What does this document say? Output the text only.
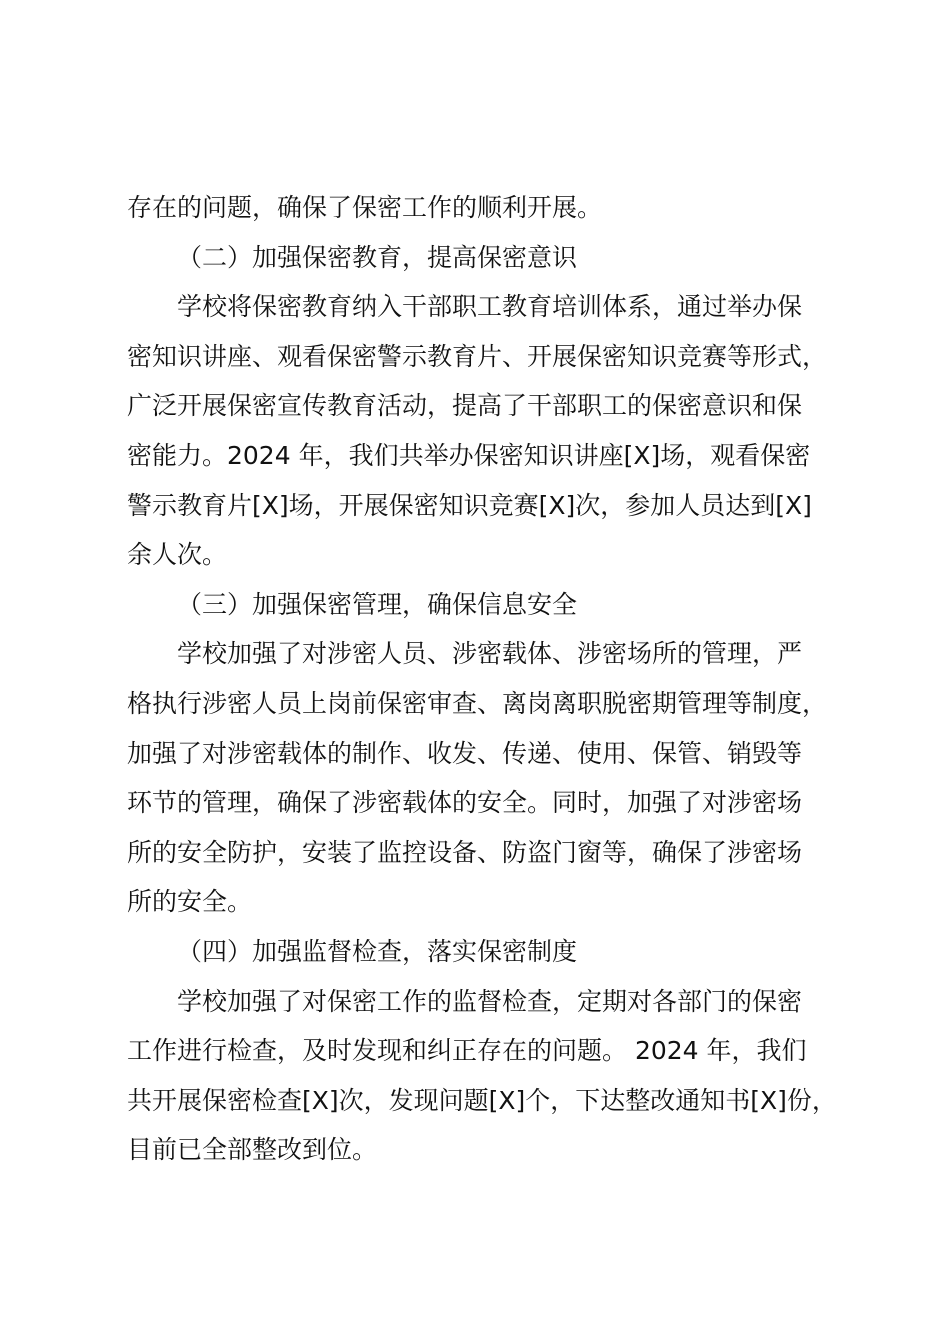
存在的问题，确保了保密工作的顺利开展。
（二）加强保密教育，提高保密意识
学校将保密教育纳入干部职工教育培训体系，通过举办保
密知识讲座、观看保密警示教育片、开展保密知识竞赛等形式，
广泛开展保密宣传教育活动，提高了干部职工的保密意识和保
密能力。2024 年，我们共举办保密知识讲座[X]场，观看保密
警示教育片[X]场，开展保密知识竞赛[X]次，参加人员达到[X]
余人次。
（三）加强保密管理，确保信息安全
学校加强了对涉密人员、涉密载体、涉密场所的管理，严
格执行涉密人员上岗前保密审查、离岗离职脱密期管理等制度，
加强了对涉密载体的制作、收发、传递、使用、保管、销毁等
环节的管理，确保了涉密载体的安全。同时，加强了对涉密场
所的安全防护，安装了监控设备、防盗门窗等，确保了涉密场
所的安全。
（四）加强监督检查，落实保密制度
学校加强了对保密工作的监督检查，定期对各部门的保密
工作进行检查，及时发现和纠正存在的问题。 2024 年，我们
共开展保密检查[X]次，发现问题[X]个，下达整改通知书[X]份，
目前已全部整改到位。
